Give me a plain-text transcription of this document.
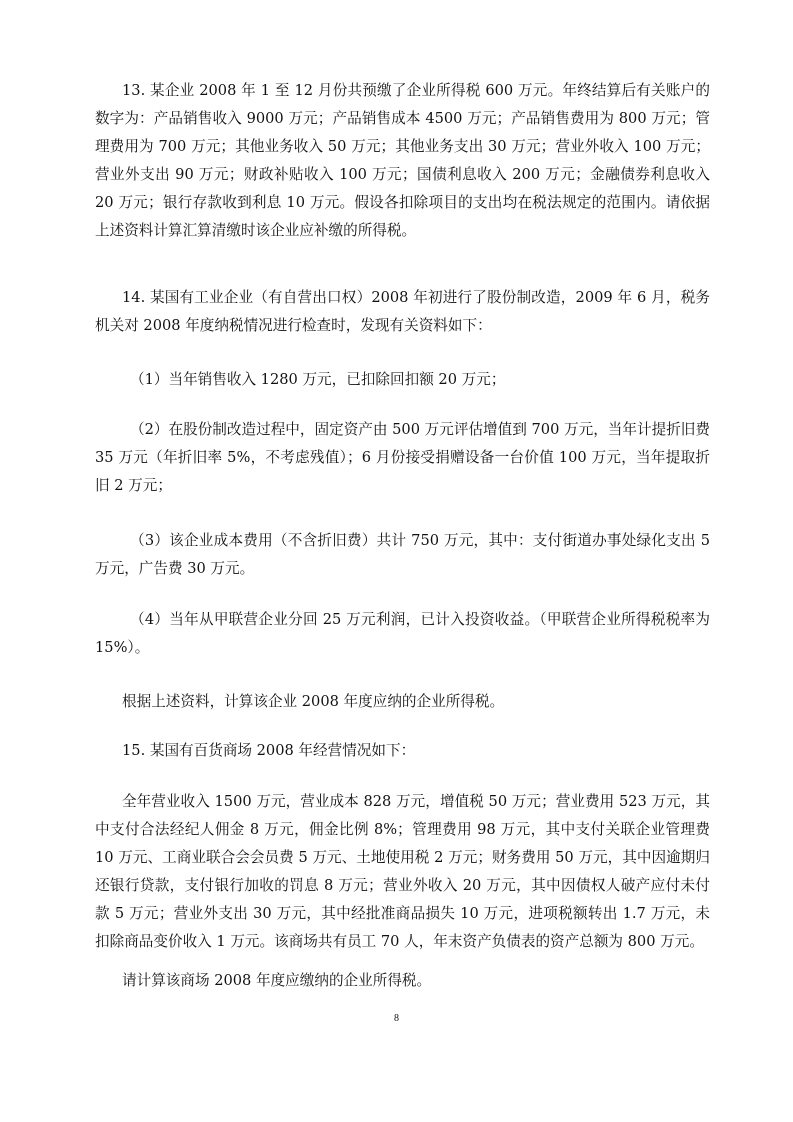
13. 某企业 2008 年 1 至 12 月份共预缴了企业所得税 600 万元。年终结算后有关账户的数字为：产品销售收入 9000 万元；产品销售成本 4500 万元；产品销售费用为 800 万元；管理费用为 700 万元；其他业务收入 50 万元；其他业务支出 30 万元；营业外收入 100 万元；营业外支出 90 万元；财政补贴收入 100 万元；国债利息收入 200 万元；金融债券利息收入 20 万元；银行存款收到利息 10 万元。假设各扣除项目的支出均在税法规定的范围内。请依据上述资料计算汇算清缴时该企业应补缴的所得税。

14. 某国有工业企业（有自营出口权）2008 年初进行了股份制改造，2009 年 6 月，税务机关对 2008 年度纳税情况进行检查时，发现有关资料如下：

（1）当年销售收入 1280 万元，已扣除回扣额 20 万元；

（2）在股份制改造过程中，固定资产由 500 万元评估增值到 700 万元，当年计提折旧费 35 万元（年折旧率 5%，不考虑残值）；6 月份接受捐赠设备一台价值 100 万元，当年提取折旧 2 万元；

（3）该企业成本费用（不含折旧费）共计 750 万元，其中：支付街道办事处绿化支出 5 万元，广告费 30 万元。

（4）当年从甲联营企业分回 25 万元利润，已计入投资收益。（甲联营企业所得税税率为 15%）。

根据上述资料，计算该企业 2008 年度应纳的企业所得税。

15. 某国有百货商场 2008 年经营情况如下：

全年营业收入 1500 万元，营业成本 828 万元，增值税 50 万元；营业费用 523 万元，其中支付合法经纪人佣金 8 万元，佣金比例 8%；管理费用 98 万元，其中支付关联企业管理费 10 万元、工商业联合会会员费 5 万元、土地使用税 2 万元；财务费用 50 万元，其中因逾期归还银行贷款，支付银行加收的罚息 8 万元；营业外收入 20 万元，其中因债权人破产应付未付款 5 万元；营业外支出 30 万元，其中经批准商品损失 10 万元，进项税额转出 1.7 万元，未扣除商品变价收入 1 万元。该商场共有员工 70 人，年末资产负债表的资产总额为 800 万元。

请计算该商场 2008 年度应缴纳的企业所得税。

8
